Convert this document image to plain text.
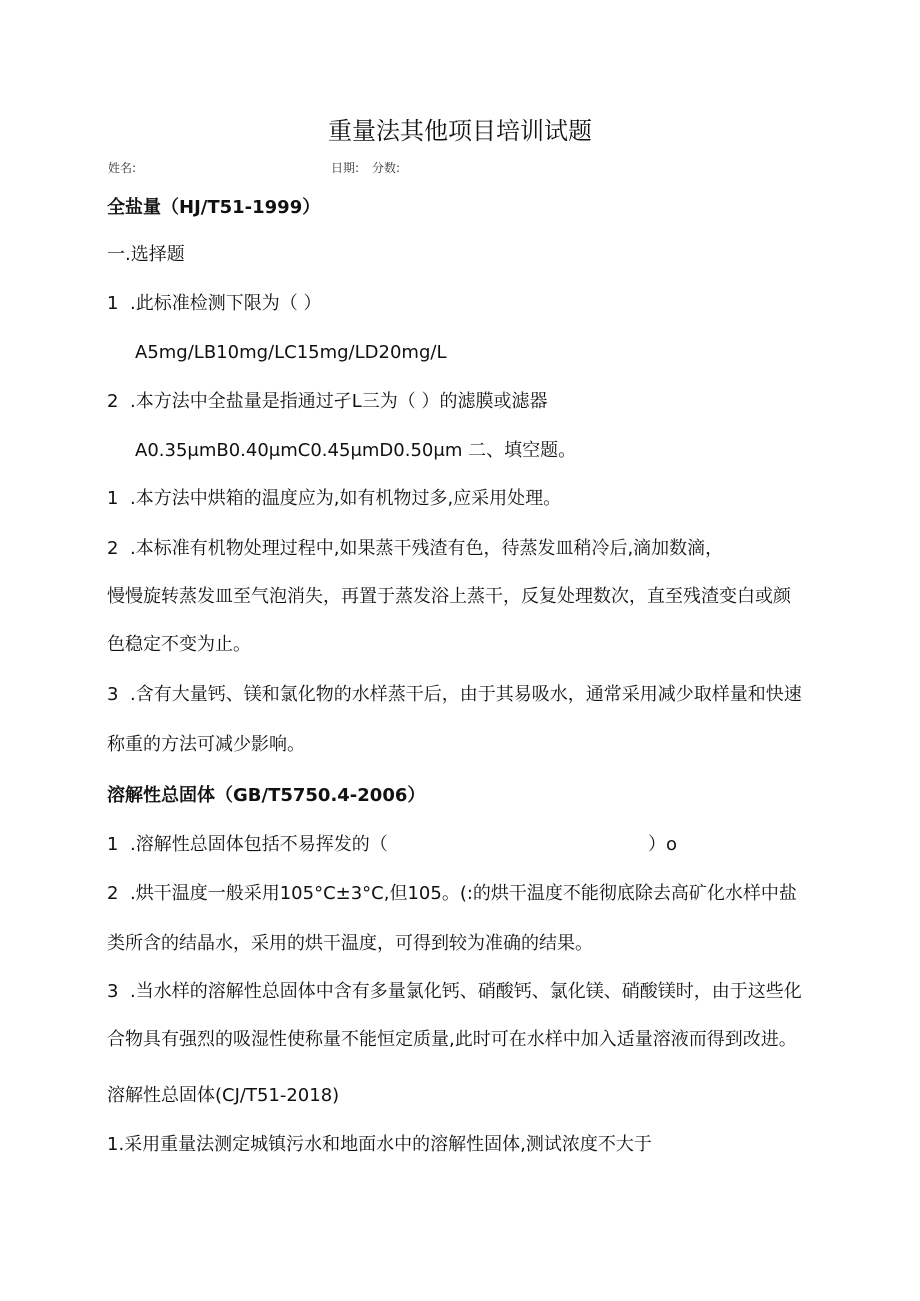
重量法其他项目培训试题
姓名:	日期: 分数:
全盐量（HJ/T51-1999）
一.选择题
1 .此标准检测下限为（ ）
A5mg∕LB10mg∕LC15mg∕LD20mg∕L
2 .本方法中全盐量是指通过孑L三为（ ）的滤膜或滤器
A0.35μmB0.40μmC0.45μmD0.50μm 二、填空题。
1 .本方法中烘箱的温度应为,如有机物过多,应采用处理。
2 .本标准有机物处理过程中,如果蒸干残渣有色，待蒸发皿稍冷后,滴加数滴，
慢慢旋转蒸发皿至气泡消失，再置于蒸发浴上蒸干，反复处理数次，直至残渣变白或颜
色稳定不变为止。
3 .含有大量钙、镁和氯化物的水样蒸干后，由于其易吸水，通常采用减少取样量和快速
称重的方法可减少影响。
溶解性总固体（GB/T5750.4-2006）
1 .溶解性总固体包括不易挥发的（	）o
2 .烘干温度一般采用105°C±3°C,但105。(:的烘干温度不能彻底除去高矿化水样中盐
类所含的结晶水，采用的烘干温度，可得到较为准确的结果。
3 .当水样的溶解性总固体中含有多量氯化钙、硝酸钙、氯化镁、硝酸镁时，由于这些化
合物具有强烈的吸湿性使称量不能恒定质量,此时可在水样中加入适量溶液而得到改进。
溶解性总固体(CJ/T51-2018)
1.采用重量法测定城镇污水和地面水中的溶解性固体,测试浓度不大于
